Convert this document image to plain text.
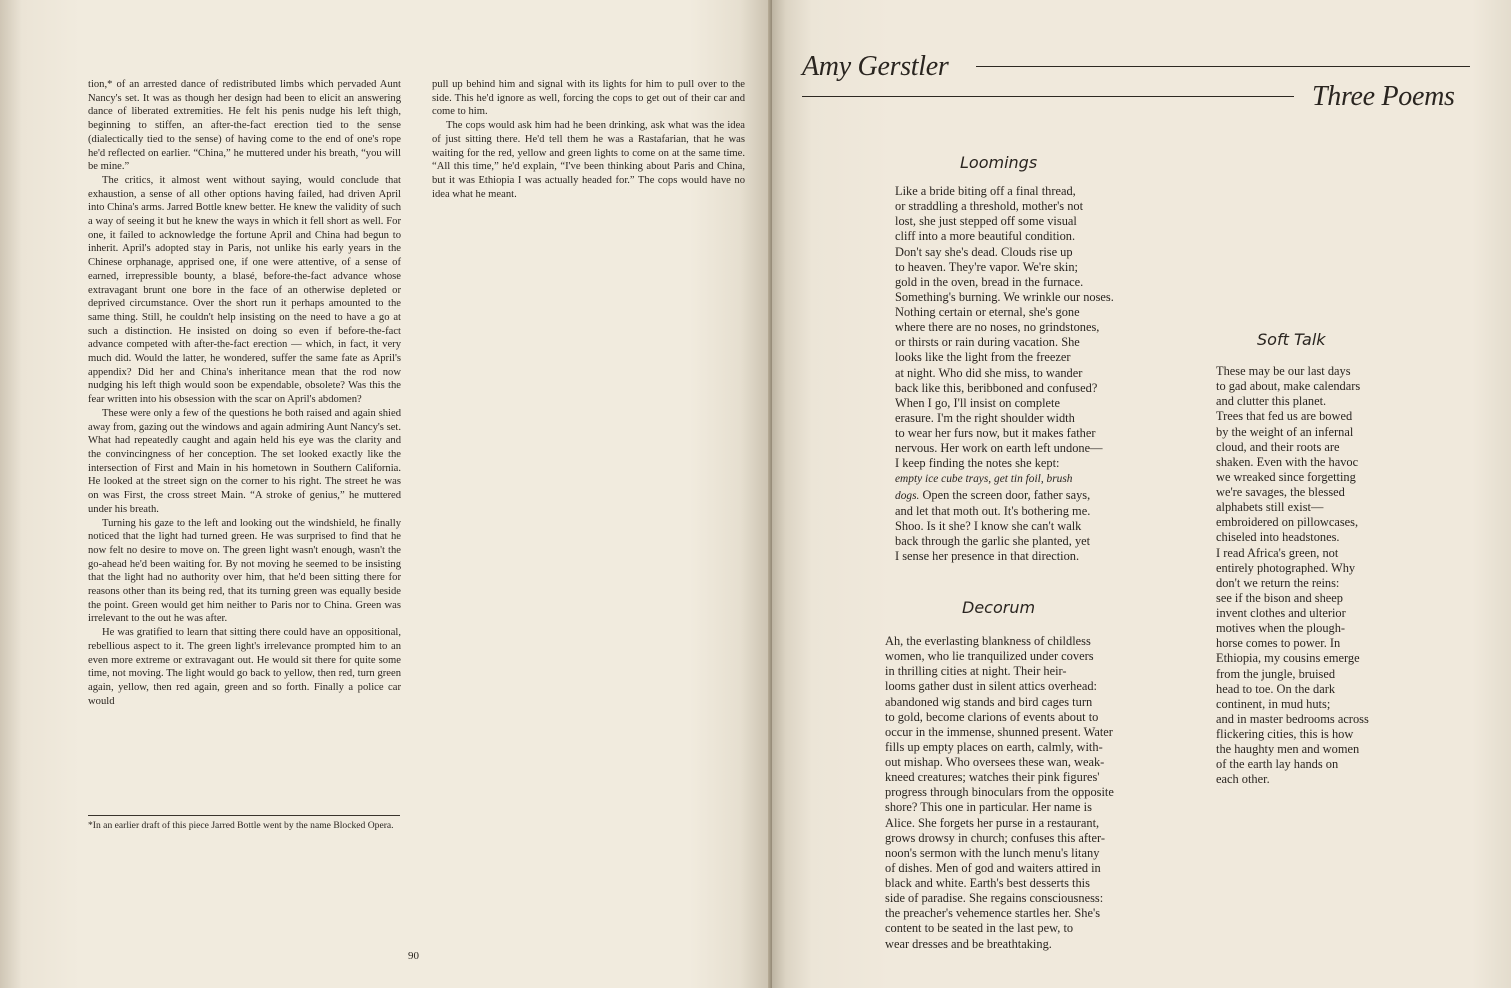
tion,* of an arrested dance of redistributed limbs which pervaded Aunt Nancy's set. It was as though her design had been to elicit an answering dance of liberated extremities. He felt his penis nudge his left thigh, beginning to stiffen, an after-the-fact erection tied to the sense (dialectically tied to the sense) of having come to the end of one's rope he'd reflected on earlier. “China,” he muttered under his breath, “you will be mine.”

The critics, it almost went without saying, would conclude that exhaustion, a sense of all other options having failed, had driven April into China's arms. Jarred Bottle knew better. He knew the validity of such a way of seeing it but he knew the ways in which it fell short as well. For one, it failed to acknowledge the fortune April and China had begun to inherit. April's adopted stay in Paris, not unlike his early years in the Chinese orphanage, apprised one, if one were attentive, of a sense of earned, irrepressible bounty, a blasé, before-the-fact advance whose extravagant brunt one bore in the face of an otherwise depleted or deprived circumstance. Over the short run it perhaps amounted to the same thing. Still, he couldn't help insisting on the need to have a go at such a distinction. He insisted on doing so even if before-the-fact advance competed with after-the-fact erection — which, in fact, it very much did. Would the latter, he wondered, suffer the same fate as April's appendix? Did her and China's inheritance mean that the rod now nudging his left thigh would soon be expendable, obsolete? Was this the fear written into his obsession with the scar on April's abdomen?

These were only a few of the questions he both raised and again shied away from, gazing out the windows and again admiring Aunt Nancy's set. What had repeatedly caught and again held his eye was the clarity and the convincingness of her conception. The set looked exactly like the intersection of First and Main in his hometown in Southern California. He looked at the street sign on the corner to his right. The street he was on was First, the cross street Main. “A stroke of genius,” he muttered under his breath.

Turning his gaze to the left and looking out the windshield, he finally noticed that the light had turned green. He was surprised to find that he now felt no desire to move on. The green light wasn't enough, wasn't the go-ahead he'd been waiting for. By not moving he seemed to be insisting that the light had no authority over him, that he'd been sitting there for reasons other than its being red, that its turning green was equally beside the point. Green would get him neither to Paris nor to China. Green was irrelevant to the out he was after.

He was gratified to learn that sitting there could have an oppositional, rebellious aspect to it. The green light's irrelevance prompted him to an even more extreme or extravagant out. He would sit there for quite some time, not moving. The light would go back to yellow, then red, turn green again, yellow, then red again, green and so forth. Finally a police car would

pull up behind him and signal with its lights for him to pull over to the side. This he'd ignore as well, forcing the cops to get out of their car and come to him.

The cops would ask him had he been drinking, ask what was the idea of just sitting there. He'd tell them he was a Rastafarian, that he was waiting for the red, yellow and green lights to come on at the same time. “All this time,” he'd explain, “I've been thinking about Paris and China, but it was Ethiopia I was actually headed for.” The cops would have no idea what he meant.

*In an earlier draft of this piece Jarred Bottle went by the name Blocked Opera.

90
Amy Gerstler
Three Poems
Loomings
Like a bride biting off a final thread,
or straddling a threshold, mother's not
lost, she just stepped off some visual
cliff into a more beautiful condition.
Don't say she's dead. Clouds rise up
to heaven. They're vapor. We're skin;
gold in the oven, bread in the furnace.
Something's burning. We wrinkle our noses.
Nothing certain or eternal, she's gone
where there are no noses, no grindstones,
or thirsts or rain during vacation. She
looks like the light from the freezer
at night. Who did she miss, to wander
back like this, beribboned and confused?
When I go, I'll insist on complete
erasure. I'm the right shoulder width
to wear her furs now, but it makes father
nervous. Her work on earth left undone—
I keep finding the notes she kept:
empty ice cube trays, get tin foil, brush
dogs. Open the screen door, father says,
and let that moth out. It's bothering me.
Shoo. Is it she? I know she can't walk
back through the garlic she planted, yet
I sense her presence in that direction.
Decorum
Ah, the everlasting blankness of childless
women, who lie tranquilized under covers
in thrilling cities at night. Their heir-
looms gather dust in silent attics overhead:
abandoned wig stands and bird cages turn
to gold, become clarions of events about to
occur in the immense, shunned present. Water
fills up empty places on earth, calmly, with-
out mishap. Who oversees these wan, weak-
kneed creatures; watches their pink figures'
progress through binoculars from the opposite
shore? This one in particular. Her name is
Alice. She forgets her purse in a restaurant,
grows drowsy in church; confuses this after-
noon's sermon with the lunch menu's litany
of dishes. Men of god and waiters attired in
black and white. Earth's best desserts this
side of paradise. She regains consciousness:
the preacher's vehemence startles her. She's
content to be seated in the last pew, to
wear dresses and be breathtaking.
Soft Talk
These may be our last days
to gad about, make calendars
and clutter this planet.
Trees that fed us are bowed
by the weight of an infernal
cloud, and their roots are
shaken. Even with the havoc
we wreaked since forgetting
we're savages, the blessed
alphabets still exist—
embroidered on pillowcases,
chiseled into headstones.
I read Africa's green, not
entirely photographed. Why
don't we return the reins:
see if the bison and sheep
invent clothes and ulterior
motives when the plough-
horse comes to power. In
Ethiopia, my cousins emerge
from the jungle, bruised
head to toe. On the dark
continent, in mud huts;
and in master bedrooms across
flickering cities, this is how
the haughty men and women
of the earth lay hands on
each other.
